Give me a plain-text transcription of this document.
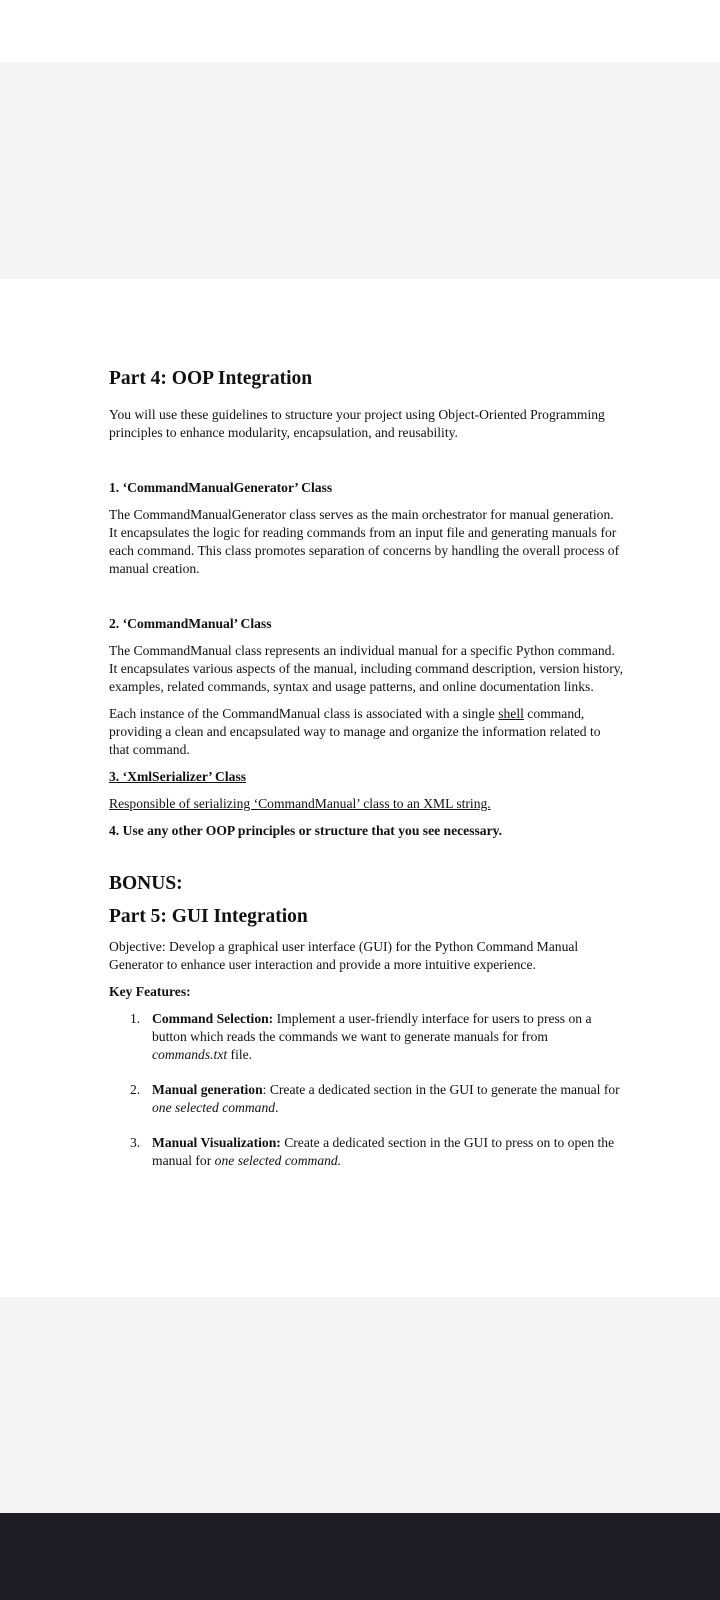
Part 4: OOP Integration

You will use these guidelines to structure your project using Object-Oriented Programming principles to enhance modularity, encapsulation, and reusability.

1. ‘CommandManualGenerator’ Class

The CommandManualGenerator class serves as the main orchestrator for manual generation. It encapsulates the logic for reading commands from an input file and generating manuals for each command. This class promotes separation of concerns by handling the overall process of manual creation.

2. ‘CommandManual’ Class

The CommandManual class represents an individual manual for a specific Python command. It encapsulates various aspects of the manual, including command description, version history, examples, related commands, syntax and usage patterns, and online documentation links.

Each instance of the CommandManual class is associated with a single shell command, providing a clean and encapsulated way to manage and organize the information related to that command.

3. ‘XmlSerializer’ Class

Responsible of serializing ‘CommandManual’ class to an XML string.

4. Use any other OOP principles or structure that you see necessary.
BONUS:
Part 5: GUI Integration

Objective: Develop a graphical user interface (GUI) for the Python Command Manual Generator to enhance user interaction and provide a more intuitive experience.

Key Features:

1. Command Selection: Implement a user-friendly interface for users to press on a button which reads the commands we want to generate manuals for from commands.txt file.
2. Manual generation: Create a dedicated section in the GUI to generate the manual for one selected command.
3. Manual Visualization: Create a dedicated section in the GUI to press on to open the manual for one selected command.
